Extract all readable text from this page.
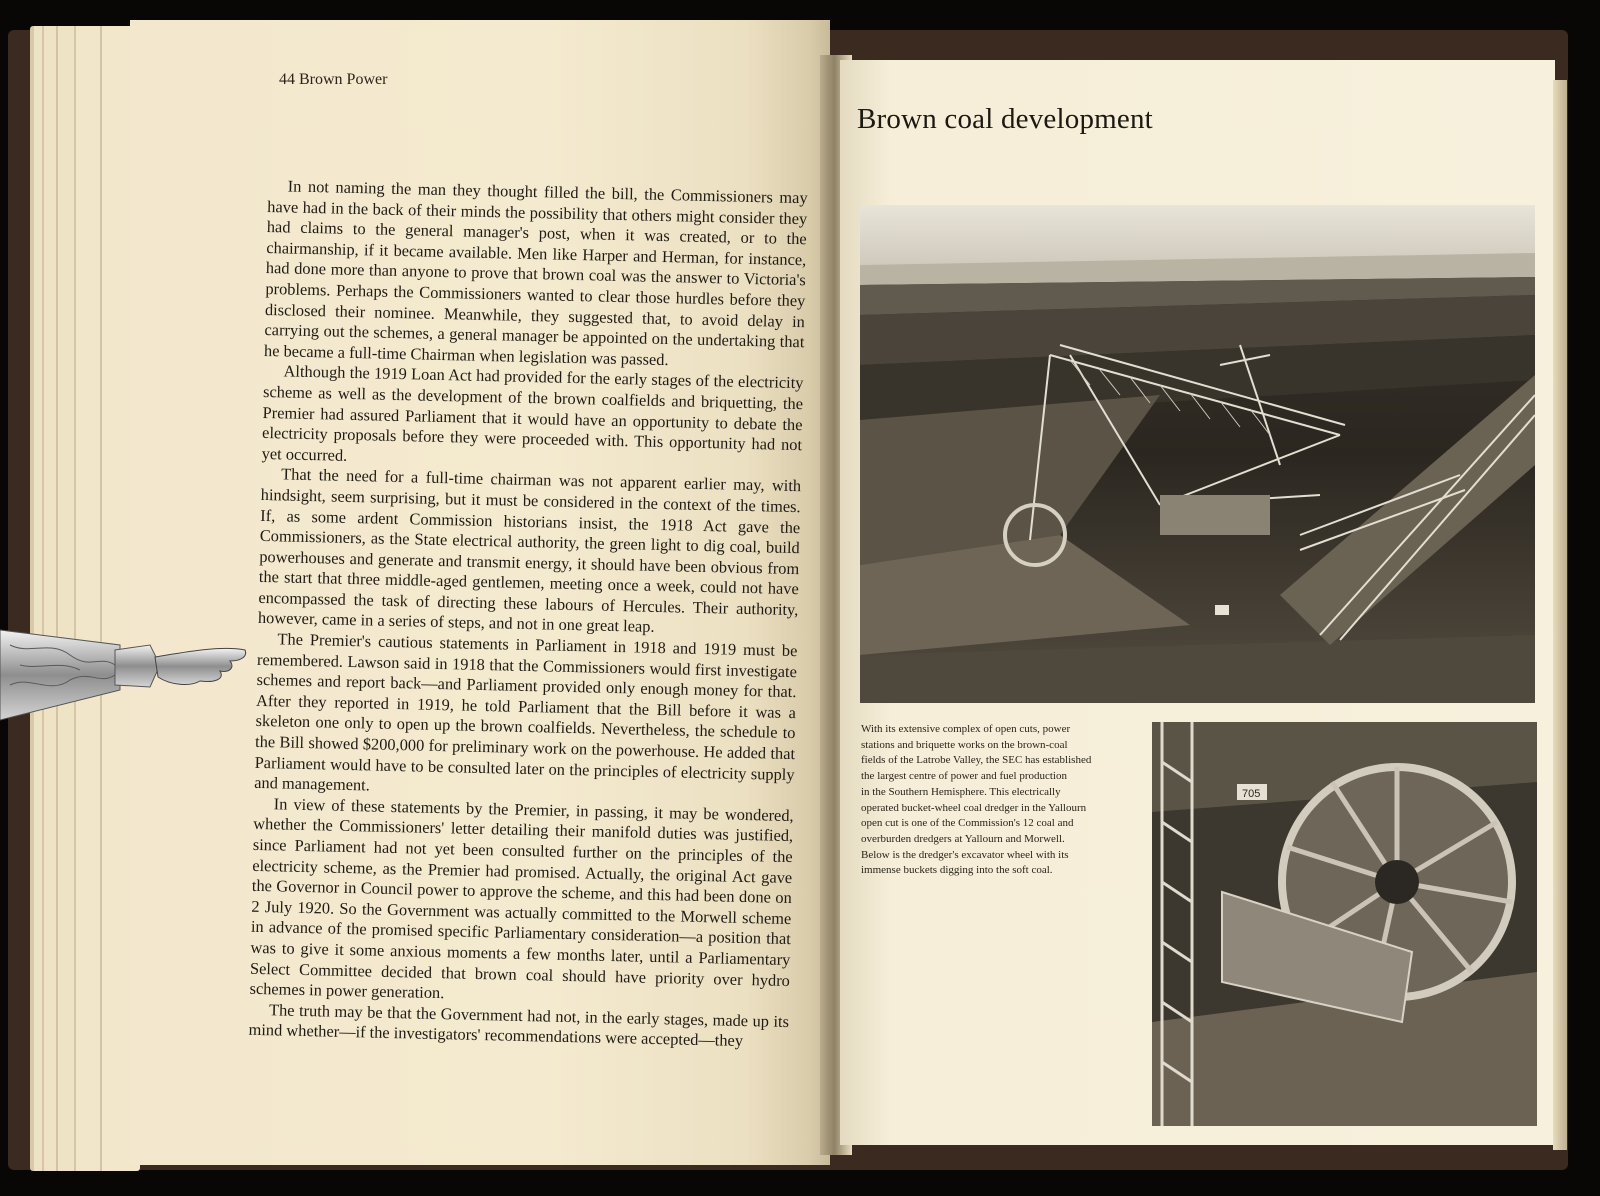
44 Brown Power

In not naming the man they thought filled the bill, the Commissioners may have had in the back of their minds the possibility that others might consider they had claims to the general manager's post, when it was created, or to the chairmanship, if it became available. Men like Harper and Herman, for instance, had done more than anyone to prove that brown coal was the answer to Victoria's problems. Perhaps the Commissioners wanted to clear those hurdles before they disclosed their nominee. Meanwhile, they suggested that, to avoid delay in carrying out the schemes, a general manager be appointed on the undertaking that he became a full-time Chairman when legislation was passed.

Although the 1919 Loan Act had provided for the early stages of the electricity scheme as well as the development of the brown coalfields and briquetting, the Premier had assured Parliament that it would have an opportunity to debate the electricity proposals before they were proceeded with. This opportunity had not yet occurred.

That the need for a full-time chairman was not apparent earlier may, with hindsight, seem surprising, but it must be considered in the context of the times. If, as some ardent Commission historians insist, the 1918 Act gave the Commissioners, as the State electrical authority, the green light to dig coal, build powerhouses and generate and transmit energy, it should have been obvious from the start that three middle-aged gentlemen, meeting once a week, could not have encompassed the task of directing these labours of Hercules. Their authority, however, came in a series of steps, and not in one great leap.

The Premier's cautious statements in Parliament in 1918 and 1919 must be remembered. Lawson said in 1918 that the Commissioners would first investigate schemes and report back—and Parliament provided only enough money for that. After they reported in 1919, he told Parliament that the Bill before it was a skeleton one only to open up the brown coalfields. Nevertheless, the schedule to the Bill showed $200,000 for preliminary work on the powerhouse. He added that Parliament would have to be consulted later on the principles of electricity supply and management.

In view of these statements by the Premier, in passing, it may be wondered, whether the Commissioners' letter detailing their manifold duties was justified, since Parliament had not yet been consulted further on the principles of the electricity scheme, as the Premier had promised. Actually, the original Act gave the Governor in Council power to approve the scheme, and this had been done on 2 July 1920. So the Government was actually committed to the Morwell scheme in advance of the promised specific Parliamentary consideration—a position that was to give it some anxious moments a few months later, until a Parliamentary Select Committee decided that brown coal should have priority over hydro schemes in power generation.

The truth may be that the Government had not, in the early stages, made up its mind whether—if the investigators' recommendations were accepted—they

Brown coal development
With its extensive complex of open cuts, power
stations and briquette works on the brown-coal
fields of the Latrobe Valley, the SEC has established
the largest centre of power and fuel production
in the Southern Hemisphere. This electrically
operated bucket-wheel coal dredger in the Yallourn
open cut is one of the Commission's 12 coal and
overburden dredgers at Yallourn and Morwell.
Below is the dredger's excavator wheel with its
immense buckets digging into the soft coal.
705
